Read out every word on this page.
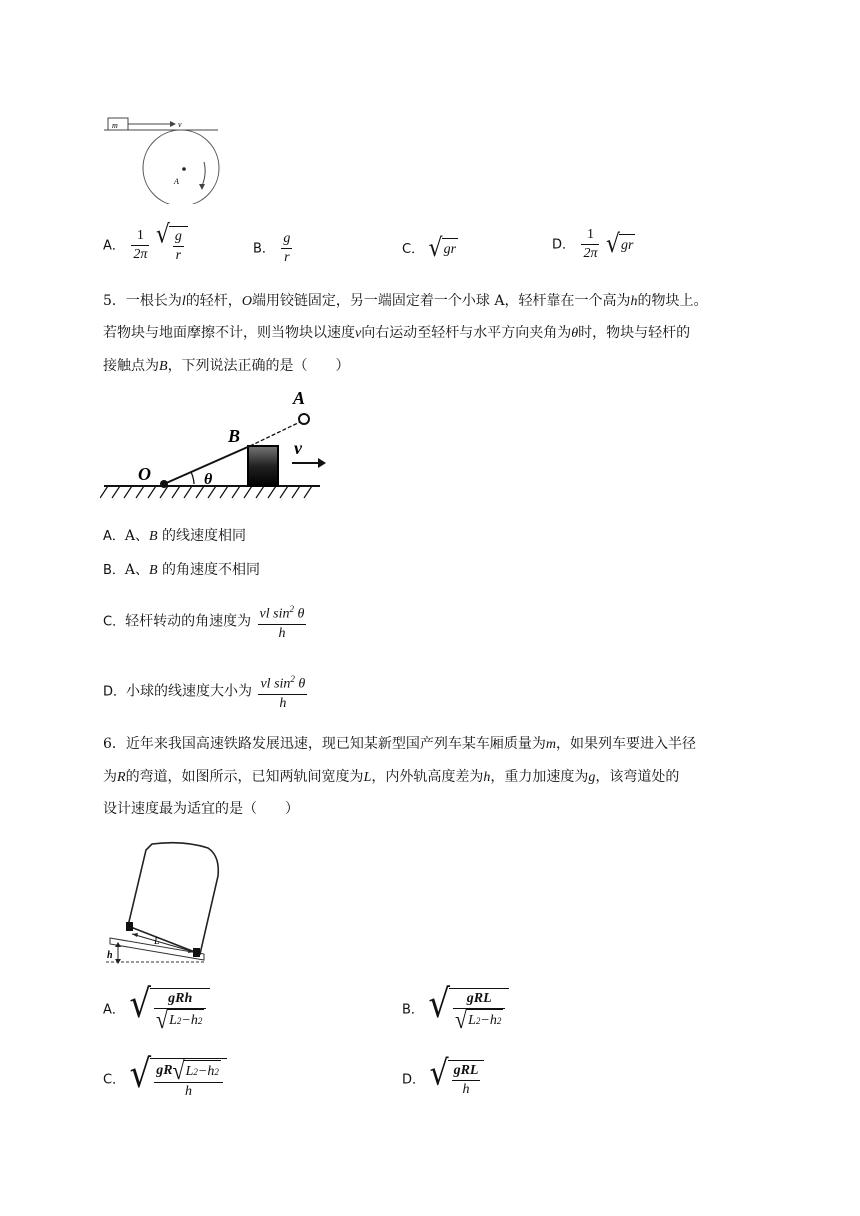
m	v
A
A． $\frac{1}{2\pi}$
√ $\frac{g}{r}$	B． $\frac{g}{r}$	C． √ gr	D． $\frac{1}{2\pi}$
√ gr
5．一根长为l的轻杆，O端用铰链固定，另一端固定着一个小球 A，轻杆靠在一个高为h的物块上。
若物块与地面摩擦不计，则当物块以速度v向右运动至轻杆与水平方向夹角为θ时，物块与轻杆的
接触点为B，下列说法正确的是（　　）
A
B
O
v
θ
A．A、B 的线速度相同
B．A、B 的角速度不相同
C．轻杆转动的角速度为 $\frac{vl \sin^2 \theta}{h}$
D．小球的线速度大小为 $\frac{vl \sin^2 \theta}{h}$
6．近年来我国高速铁路发展迅速，现已知某新型国产列车某车厢质量为m，如果列车要进入半径
为R的弯道，如图所示，已知两轨间宽度为L，内外轨高度差为h，重力加速度为g，该弯道处的
设计速度最为适宜的是（　　）
L
h
A． √ $\frac{\text{gRh}}{√ L 2 -h 2}$	B． √ $\frac{\text{gRL}}{√ L 2 -h 2}$
C． √ $\frac{gR √ L 2 -h 2}{h}$	D． √ $\frac{\text{gRL}}{h}$
